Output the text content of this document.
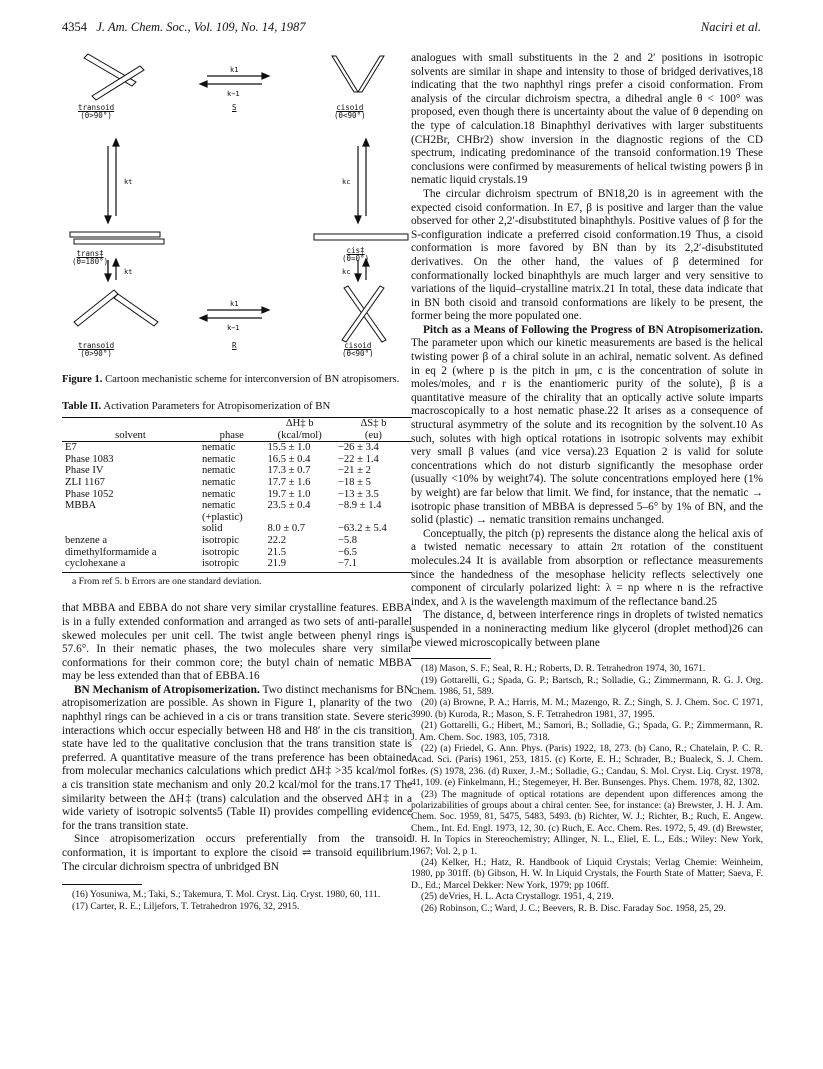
4354 J. Am. Chem. Soc., Vol. 109, No. 14, 1987	Naciri et al.
transoid
(θ>90°)
S	cisoid
(θ<90°)
trans‡
(θ=180°)
cis‡
(θ=0°)
transoid
(θ>90°)
R	cisoid
(θ<90°)
k1
k−1
k1
k−1
kt	kc
kt	kc
Figure 1. Cartoon mechanistic scheme for interconversion of BN atropisomers.
Table II. Activation Parameters for Atropisomerization of BN
		ΔH‡ b	ΔS‡ b
solvent	phase	(kcal/mol)	(eu)
E7	nematic	15.5 ± 1.0	−26 ± 3.4
Phase 1083	nematic	16.5 ± 0.4	−22 ± 1.4
Phase IV	nematic	17.3 ± 0.7	−21 ± 2
ZLI 1167	nematic	17.7 ± 1.6	−18 ± 5
Phase 1052	nematic	19.7 ± 1.0	−13 ± 3.5
MBBA	nematic	23.5 ± 0.4	−8.9 ± 1.4
	(+plastic)		
	solid	8.0 ± 0.7	−63.2 ± 5.4
benzene a	isotropic	22.2	−5.8
dimethylformamide a	isotropic	21.5	−6.5
cyclohexane a	isotropic	21.9	−7.1
a From ref 5. b Errors are one standard deviation.

that MBBA and EBBA do not share very similar crystalline features. EBBA is in a fully extended conformation and arranged as two sets of anti-parallel skewed molecules per unit cell. The twist angle between phenyl rings is 57.6°. In their nematic phases, the two molecules share very similar conformations for their common core; the butyl chain of nematic MBBA may be less extended than that of EBBA.16

BN Mechanism of Atropisomerization. Two distinct mechanisms for BN atropisomerization are possible. As shown in Figure 1, planarity of the two naphthyl rings can be achieved in a cis or trans transition state. Severe steric interactions which occur especially between H8 and H8′ in the cis transition state have led to the qualitative conclusion that the trans transition state is preferred. A quantitative measure of the trans preference has been obtained from molecular mechanics calculations which predict ΔH‡ >35 kcal/mol for a cis transition state mechanism and only 20.2 kcal/mol for the trans.17 The similarity between the ΔH‡ (trans) calculation and the observed ΔH‡ in a wide variety of isotropic solvents5 (Table II) provides compelling evidence for the trans transition state.

Since atropisomerization occurs preferentially from the transoid conformation, it is important to explore the cisoid ⇌ transoid equilibrium. The circular dichroism spectra of unbridged BN

(16) Yosuniwa, M.; Taki, S.; Takemura, T. Mol. Cryst. Liq. Cryst. 1980, 60, 111.

(17) Carter, R. E.; Liljefors, T. Tetrahedron 1976, 32, 2915.

analogues with small substituents in the 2 and 2′ positions in isotropic solvents are similar in shape and intensity to those of bridged derivatives,18 indicating that the two naphthyl rings prefer a cisoid conformation. From analysis of the circular dichroism spectra, a dihedral angle θ < 100° was proposed, even though there is uncertainty about the value of θ depending on the type of calculation.18 Binaphthyl derivatives with larger substituents (CH2Br, CHBr2) show inversion in the diagnostic regions of the CD spectrum, indicating predominance of the transoid conformation.19 These conclusions were confirmed by measurements of helical twisting powers β in nematic liquid crystals.19

The circular dichroism spectrum of BN18,20 is in agreement with the expected cisoid conformation. In E7, β is positive and larger than the value observed for other 2,2′-disubstituted binaphthyls. Positive values of β for the S-configuration indicate a preferred cisoid conformation.19 Thus, a cisoid conformation is more favored by BN than by its 2,2′-disubstituted derivatives. On the other hand, the values of β determined for conformationally locked binaphthyls are much larger and very sensitive to variations of the liquid–crystalline matrix.21 In total, these data indicate that in BN both cisoid and transoid conformations are likely to be present, the former being the more populated one.

Pitch as a Means of Following the Progress of BN Atropisomerization. The parameter upon which our kinetic measurements are based is the helical twisting power β of a chiral solute in an achiral, nematic solvent. As defined in eq 2 (where p is the pitch in μm, c is the concentration of solute in moles/moles, and r is the enantiomeric purity of the solute), β is a quantitative measure of the chirality that an optically active solute imparts macroscopically to a host nematic phase.22 It arises as a consequence of structural asymmetry of the solute and its recognition by the solvent.10 As such, solutes with high optical rotations in isotropic solvents may exhibit very small β values (and vice versa).23 Equation 2 is valid for solute concentrations which do not disturb significantly the mesophase order (usually <10% by weight74). The solute concentrations employed here (1% by weight) are far below that limit. We find, for instance, that the nematic → isotropic phase transition of MBBA is depressed 5–6° by 1% of BN, and the solid (plastic) → nematic transition remains unchanged.

Conceptually, the pitch (p) represents the distance along the helical axis of a twisted nematic necessary to attain 2π rotation of the constituent molecules.24 It is available from absorption or reflectance measurements since the handedness of the mesophase helicity reflects selectively one component of circularly polarized light: λ = np where n is the refractive index, and λ is the wavelength maximum of the reflectance band.25

The distance, d, between interference rings in droplets of twisted nematics suspended in a nonineracting medium like glycerol (droplet method)26 can be viewed microscopically between plane

(18) Mason, S. F.; Seal, R. H.; Roberts, D. R. Tetrahedron 1974, 30, 1671.

(19) Gottarelli, G.; Spada, G. P.; Bartsch, R.; Solladie, G.; Zimmermann, R. G. J. Org. Chem. 1986, 51, 589.

(20) (a) Browne, P. A.; Harris, M. M.; Mazengo, R. Z.; Singh, S. J. Chem. Soc. C 1971, 3990. (b) Kuroda, R.; Mason, S. F. Tetrahedron 1981, 37, 1995.

(21) Gottarelli, G.; Hibert, M.; Samori, B.; Solladie, G.; Spada, G. P.; Zimmermann, R. J. Am. Chem. Soc. 1983, 105, 7318.

(22) (a) Friedel, G. Ann. Phys. (Paris) 1922, 18, 273. (b) Cano, R.; Chatelain, P. C. R. Acad. Sci. (Paris) 1961, 253, 1815. (c) Korte, E. H.; Schrader, B.; Bualeck, S. J. Chem. Res. (S) 1978, 236. (d) Ruxer, J.-M.; Solladie, G.; Candau, S. Mol. Cryst. Liq. Cryst. 1978, 41, 109. (e) Finkelmann, H.; Stegemeyer, H. Ber. Bunsenges. Phys. Chem. 1978, 82, 1302.

(23) The magnitude of optical rotations are dependent upon differences among the polarizabilities of groups about a chiral center. See, for instance: (a) Brewster, J. H. J. Am. Chem. Soc. 1959, 81, 5475, 5483, 5493. (b) Richter, W. J.; Richter, B.; Ruch, E. Angew. Chem., Int. Ed. Engl. 1973, 12, 30. (c) Ruch, E. Acc. Chem. Res. 1972, 5, 49. (d) Brewster, J. H. In Topics in Stereochemistry; Allinger, N. L., Eliel, E. L., Eds.; Wiley: New York, 1967; Vol. 2, p 1.

(24) Kelker, H.; Hatz, R. Handbook of Liquid Crystals; Verlag Chemie: Weinheim, 1980, pp 301ff. (b) Gibson, H. W. In Liquid Crystals, the Fourth State of Matter; Saeva, F. D., Ed.; Marcel Dekker: New York, 1979; pp 106ff.

(25) deVries, H. L. Acta Crystallogr. 1951, 4, 219.

(26) Robinson, C.; Ward, J. C.; Beevers, R. B. Disc. Faraday Soc. 1958, 25, 29.
